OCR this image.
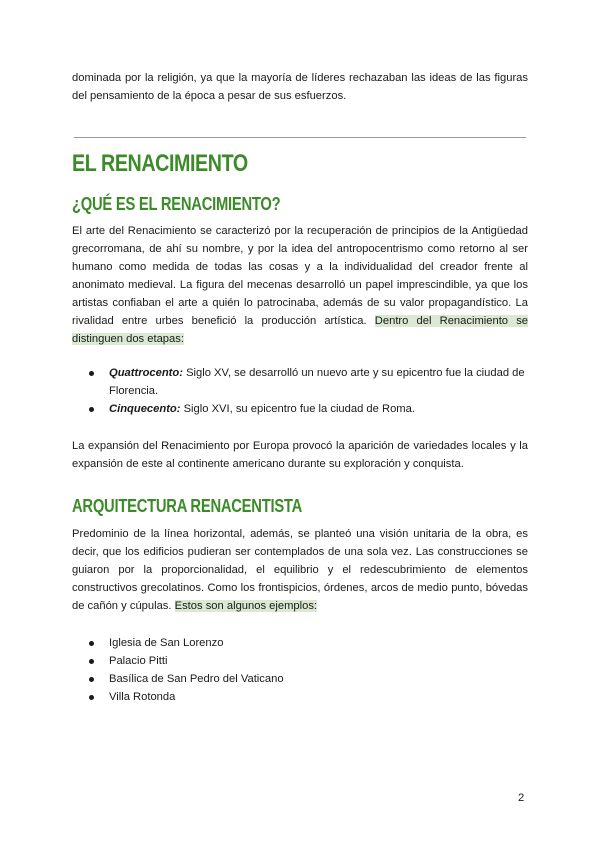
dominada por la religión, ya que la mayoría de líderes rechazaban las ideas de las figuras del pensamiento de la época a pesar de sus esfuerzos.

EL RENACIMIENTO
¿QUÉ ES EL RENACIMIENTO?

El arte del Renacimiento se caracterizó por la recuperación de principios de la Antigüedad grecorromana, de ahí su nombre, y por la idea del antropocentrismo como retorno al ser humano como medida de todas las cosas y a la individualidad del creador frente al anonimato medieval. La figura del mecenas desarrolló un papel imprescindible, ya que los artistas confiaban el arte a quién lo patrocinaba, además de su valor propagandístico. La rivalidad entre urbes benefició la producción artística. Dentro del Renacimiento se distinguen dos etapas:

Quattrocento: Siglo XV, se desarrolló un nuevo arte y su epicentro fue la ciudad de Florencia.
Cinquecento: Siglo XVI, su epicentro fue la ciudad de Roma.

La expansión del Renacimiento por Europa provocó la aparición de variedades locales y la expansión de este al continente americano durante su exploración y conquista.

ARQUITECTURA RENACENTISTA

Predominio de la línea horizontal, además, se planteó una visión unitaria de la obra, es decir, que los edificios pudieran ser contemplados de una sola vez. Las construcciones se guiaron por la proporcionalidad, el equilibrio y el redescubrimiento de elementos constructivos grecolatinos. Como los frontispicios, órdenes, arcos de medio punto, bóvedas de cañón y cúpulas. Estos son algunos ejemplos:

Iglesia de San Lorenzo
Palacio Pitti
Basílica de San Pedro del Vaticano
Villa Rotonda
2
